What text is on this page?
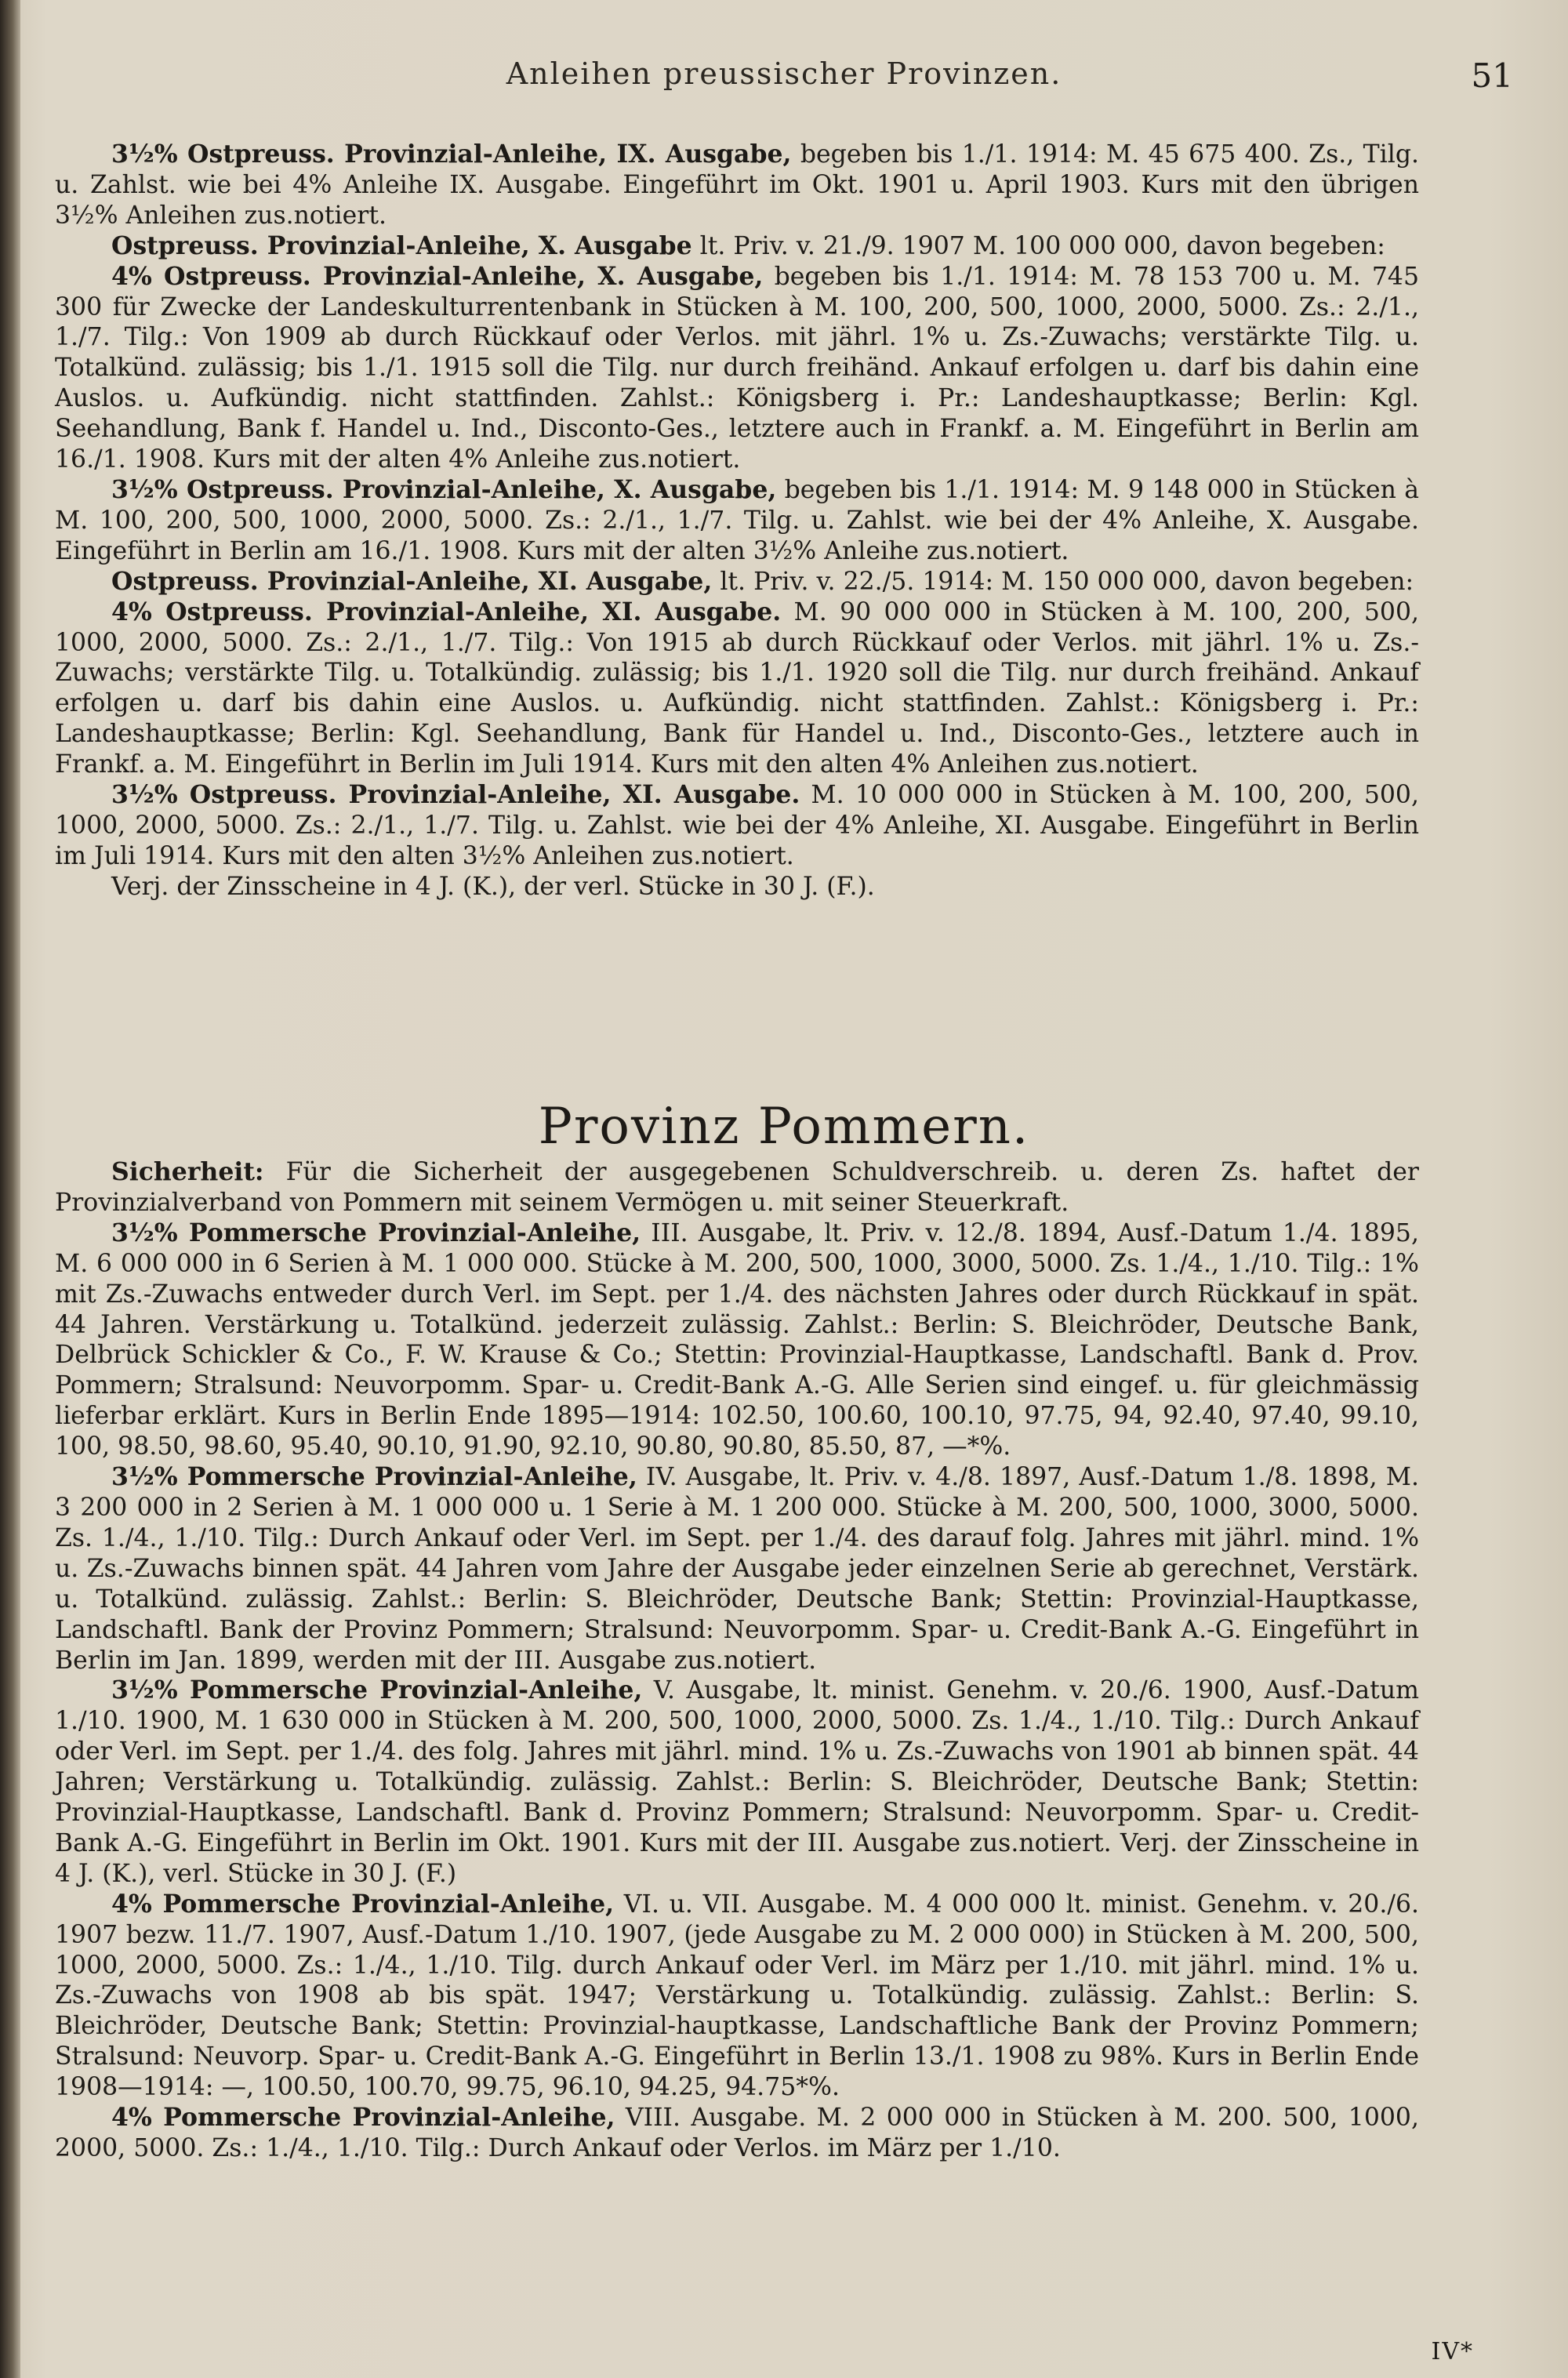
Anleihen preussischer Provinzen.	51

3½% Ostpreuss. Provinzial-Anleihe, IX. Ausgabe, begeben bis 1./1. 1914: M. 45 675 400. Zs., Tilg. u. Zahlst. wie bei 4% Anleihe IX. Ausgabe. Eingeführt im Okt. 1901 u. April 1903. Kurs mit den übrigen 3½% Anleihen zus.notiert.

Ostpreuss. Provinzial-Anleihe, X. Ausgabe lt. Priv. v. 21./9. 1907 M. 100 000 000, davon begeben:

4% Ostpreuss. Provinzial-Anleihe, X. Ausgabe, begeben bis 1./1. 1914: M. 78 153 700 u. M. 745 300 für Zwecke der Landeskulturrentenbank in Stücken à M. 100, 200, 500, 1000, 2000, 5000. Zs.: 2./1., 1./7. Tilg.: Von 1909 ab durch Rückkauf oder Verlos. mit jährl. 1% u. Zs.-Zuwachs; verstärkte Tilg. u. Totalkünd. zulässig; bis 1./1. 1915 soll die Tilg. nur durch freihänd. Ankauf erfolgen u. darf bis dahin eine Auslos. u. Aufkündig. nicht stattfinden. Zahlst.: Königsberg i. Pr.: Landeshauptkasse; Berlin: Kgl. Seehandlung, Bank f. Handel u. Ind., Disconto-Ges., letztere auch in Frankf. a. M. Eingeführt in Berlin am 16./1. 1908. Kurs mit der alten 4% Anleihe zus.notiert.

3½% Ostpreuss. Provinzial-Anleihe, X. Ausgabe, begeben bis 1./1. 1914: M. 9 148 000 in Stücken à M. 100, 200, 500, 1000, 2000, 5000. Zs.: 2./1., 1./7. Tilg. u. Zahlst. wie bei der 4% Anleihe, X. Ausgabe. Eingeführt in Berlin am 16./1. 1908. Kurs mit der alten 3½% Anleihe zus.notiert.

Ostpreuss. Provinzial-Anleihe, XI. Ausgabe, lt. Priv. v. 22./5. 1914: M. 150 000 000, davon begeben:

4% Ostpreuss. Provinzial-Anleihe, XI. Ausgabe. M. 90 000 000 in Stücken à M. 100, 200, 500, 1000, 2000, 5000. Zs.: 2./1., 1./7. Tilg.: Von 1915 ab durch Rückkauf oder Verlos. mit jährl. 1% u. Zs.-Zuwachs; verstärkte Tilg. u. Totalkündig. zulässig; bis 1./1. 1920 soll die Tilg. nur durch freihänd. Ankauf erfolgen u. darf bis dahin eine Auslos. u. Aufkündig. nicht stattfinden. Zahlst.: Königsberg i. Pr.: Landeshauptkasse; Berlin: Kgl. Seehandlung, Bank für Handel u. Ind., Disconto-Ges., letztere auch in Frankf. a. M. Eingeführt in Berlin im Juli 1914. Kurs mit den alten 4% Anleihen zus.notiert.

3½% Ostpreuss. Provinzial-Anleihe, XI. Ausgabe. M. 10 000 000 in Stücken à M. 100, 200, 500, 1000, 2000, 5000. Zs.: 2./1., 1./7. Tilg. u. Zahlst. wie bei der 4% Anleihe, XI. Ausgabe. Eingeführt in Berlin im Juli 1914. Kurs mit den alten 3½% Anleihen zus.notiert.

Verj. der Zinsscheine in 4 J. (K.), der verl. Stücke in 30 J. (F.).

Provinz Pommern.

Sicherheit: Für die Sicherheit der ausgegebenen Schuldverschreib. u. deren Zs. haftet der Provinzialverband von Pommern mit seinem Vermögen u. mit seiner Steuerkraft.

3½% Pommersche Provinzial-Anleihe, III. Ausgabe, lt. Priv. v. 12./8. 1894, Ausf.-Datum 1./4. 1895, M. 6 000 000 in 6 Serien à M. 1 000 000. Stücke à M. 200, 500, 1000, 3000, 5000. Zs. 1./4., 1./10. Tilg.: 1% mit Zs.-Zuwachs entweder durch Verl. im Sept. per 1./4. des nächsten Jahres oder durch Rückkauf in spät. 44 Jahren. Verstärkung u. Totalkünd. jederzeit zulässig. Zahlst.: Berlin: S. Bleichröder, Deutsche Bank, Delbrück Schickler & Co., F. W. Krause & Co.; Stettin: Provinzial-Hauptkasse, Landschaftl. Bank d. Prov. Pommern; Stralsund: Neuvorpomm. Spar- u. Credit-Bank A.-G. Alle Serien sind eingef. u. für gleichmässig lieferbar erklärt. Kurs in Berlin Ende 1895—1914: 102.50, 100.60, 100.10, 97.75, 94, 92.40, 97.40, 99.10, 100, 98.50, 98.60, 95.40, 90.10, 91.90, 92.10, 90.80, 90.80, 85.50, 87, —*%.

3½% Pommersche Provinzial-Anleihe, IV. Ausgabe, lt. Priv. v. 4./8. 1897, Ausf.-Datum 1./8. 1898, M. 3 200 000 in 2 Serien à M. 1 000 000 u. 1 Serie à M. 1 200 000. Stücke à M. 200, 500, 1000, 3000, 5000. Zs. 1./4., 1./10. Tilg.: Durch Ankauf oder Verl. im Sept. per 1./4. des darauf folg. Jahres mit jährl. mind. 1% u. Zs.-Zuwachs binnen spät. 44 Jahren vom Jahre der Ausgabe jeder einzelnen Serie ab gerechnet, Verstärk. u. Totalkünd. zulässig. Zahlst.: Berlin: S. Bleichröder, Deutsche Bank; Stettin: Provinzial-Hauptkasse, Landschaftl. Bank der Provinz Pommern; Stralsund: Neuvorpomm. Spar- u. Credit-Bank A.-G. Eingeführt in Berlin im Jan. 1899, werden mit der III. Ausgabe zus.notiert.

3½% Pommersche Provinzial-Anleihe, V. Ausgabe, lt. minist. Genehm. v. 20./6. 1900, Ausf.-Datum 1./10. 1900, M. 1 630 000 in Stücken à M. 200, 500, 1000, 2000, 5000. Zs. 1./4., 1./10. Tilg.: Durch Ankauf oder Verl. im Sept. per 1./4. des folg. Jahres mit jährl. mind. 1% u. Zs.-Zuwachs von 1901 ab binnen spät. 44 Jahren; Verstärkung u. Totalkündig. zulässig. Zahlst.: Berlin: S. Bleichröder, Deutsche Bank; Stettin: Provinzial-Hauptkasse, Landschaftl. Bank d. Provinz Pommern; Stralsund: Neuvorpomm. Spar- u. Credit-Bank A.-G. Eingeführt in Berlin im Okt. 1901. Kurs mit der III. Ausgabe zus.notiert. Verj. der Zinsscheine in 4 J. (K.), verl. Stücke in 30 J. (F.)

4% Pommersche Provinzial-Anleihe, VI. u. VII. Ausgabe. M. 4 000 000 lt. minist. Genehm. v. 20./6. 1907 bezw. 11./7. 1907, Ausf.-Datum 1./10. 1907, (jede Ausgabe zu M. 2 000 000) in Stücken à M. 200, 500, 1000, 2000, 5000. Zs.: 1./4., 1./10. Tilg. durch Ankauf oder Verl. im März per 1./10. mit jährl. mind. 1% u. Zs.-Zuwachs von 1908 ab bis spät. 1947; Verstärkung u. Totalkündig. zulässig. Zahlst.: Berlin: S. Bleichröder, Deutsche Bank; Stettin: Provinzial-hauptkasse, Landschaftliche Bank der Provinz Pommern; Stralsund: Neuvorp. Spar- u. Credit-Bank A.-G. Eingeführt in Berlin 13./1. 1908 zu 98%. Kurs in Berlin Ende 1908—1914: —, 100.50, 100.70, 99.75, 96.10, 94.25, 94.75*%.

4% Pommersche Provinzial-Anleihe, VIII. Ausgabe. M. 2 000 000 in Stücken à M. 200. 500, 1000, 2000, 5000. Zs.: 1./4., 1./10. Tilg.: Durch Ankauf oder Verlos. im März per 1./10.

IV*
